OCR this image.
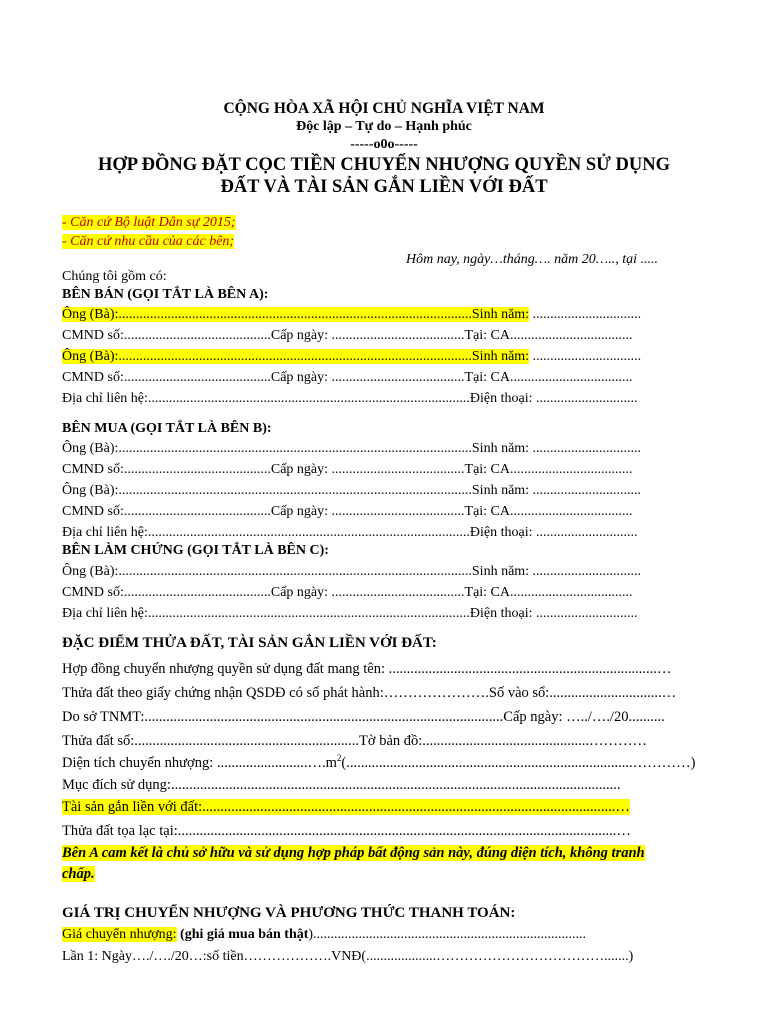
CỘNG HÒA XÃ HỘI CHỦ NGHĨA VIỆT NAM
Độc lập – Tự do – Hạnh phúc
-----o0o-----
HỢP ĐỒNG ĐẶT CỌC TIỀN CHUYỂN NHƯỢNG QUYỀN SỬ DỤNG
ĐẤT VÀ TÀI SẢN GẮN LIỀN VỚI ĐẤT
- Căn cứ Bộ luật Dân sự 2015;
- Căn cứ nhu cầu của các bên;
Hôm nay, ngày…tháng…. năm 20….., tại .....
Chúng tôi gồm có:
BÊN BÁN (GỌI TẮT LÀ BÊN A):
Ông (Bà):.....................................................................................................Sinh năm: ...............................
CMND số:..........................................Cấp ngày: ......................................Tại: CA...................................
Ông (Bà):.....................................................................................................Sinh năm: ...............................
CMND số:..........................................Cấp ngày: ......................................Tại: CA...................................
Địa chỉ liên hệ:............................................................................................Điện thoại: .............................
BÊN MUA (GỌI TẮT LÀ BÊN B):
Ông (Bà):.....................................................................................................Sinh năm: ...............................
CMND số:..........................................Cấp ngày: ......................................Tại: CA...................................
Ông (Bà):.....................................................................................................Sinh năm: ...............................
CMND số:..........................................Cấp ngày: ......................................Tại: CA...................................
Địa chỉ liên hệ:............................................................................................Điện thoại: .............................
BÊN LÀM CHỨNG (GỌI TẮT LÀ BÊN C):
Ông (Bà):.....................................................................................................Sinh năm: ...............................
CMND số:..........................................Cấp ngày: ......................................Tại: CA...................................
Địa chỉ liên hệ:............................................................................................Điện thoại: .............................
ĐẶC ĐIỂM THỬA ĐẤT, TÀI SẢN GẮN LIỀN VỚI ĐẤT:
Hợp đồng chuyển nhượng quyền sử dụng đất mang tên: ..........................................................................…
Thửa đất theo giấy chứng nhận QSDĐ có số phát hành:………………….Số vào sổ:...............................…
Do sở TNMT:...................................................................................................Cấp ngày: …../…./20..........
Thửa đất số:..............................................................Tờ bản đồ:..............................................…………
Diện tích chuyển nhượng: $.........................\dots.m^2(...............................................................................\dots\dots\dots\dots)$
Mục đích sử dụng:............................................................................................................................
Tài sản gắn liền với đất:..................................................................................................................…
Thửa đất tọa lạc tại:.........................................................................................................................…
Bên A cam kết là chủ sở hữu và sử dụng hợp pháp bất động sản này, đúng diện tích, không tranh
chấp.
GIÁ TRỊ CHUYỂN NHƯỢNG VÀ PHƯƠNG THỨC THANH TOÁN:
Giá chuyển nhượng: (ghi giá mua bán thật)..............................................................................
Lần 1: Ngày…./…./20…:số tiền……………….VNĐ(....................……………………………….......)
